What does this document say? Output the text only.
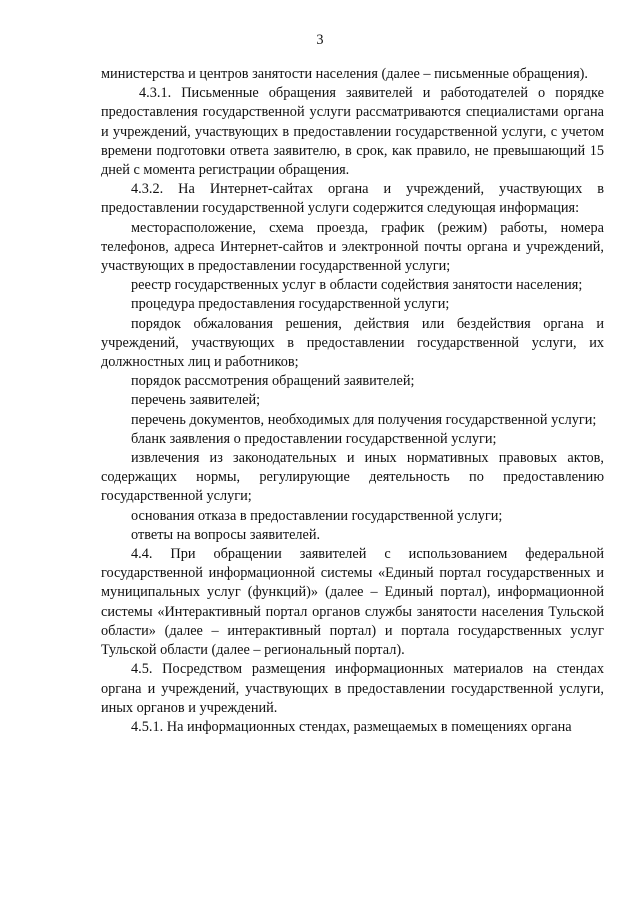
3

министерства и центров занятости населения (далее – письменные обращения).

4.3.1. Письменные обращения заявителей и работодателей о порядке предоставления государственной услуги рассматриваются специалистами органа и учреждений, участвующих в предоставлении государственной услуги, с учетом времени подготовки ответа заявителю, в срок, как правило, не превышающий 15 дней с момента регистрации обращения.

4.3.2. На Интернет-сайтах органа и учреждений, участвующих в предоставлении государственной услуги содержится следующая информация:

месторасположение, схема проезда, график (режим) работы, номера телефонов, адреса Интернет-сайтов и электронной почты органа и учреждений, участвующих в предоставлении государственной услуги;

реестр государственных услуг в области содействия занятости населения;

процедура предоставления государственной услуги;

порядок обжалования решения, действия или бездействия органа и учреждений, участвующих в предоставлении государственной услуги, их должностных лиц и работников;

порядок рассмотрения обращений заявителей;

перечень заявителей;

перечень документов, необходимых для получения государственной услуги;

бланк заявления о предоставлении государственной услуги;

извлечения из законодательных и иных нормативных правовых актов, содержащих нормы, регулирующие деятельность по предоставлению государственной услуги;

основания отказа в предоставлении государственной услуги;

ответы на вопросы заявителей.

4.4. При обращении заявителей с использованием федеральной государственной информационной системы «Единый портал государственных и муниципальных услуг (функций)» (далее – Единый портал), информационной системы «Интерактивный портал органов службы занятости населения Тульской области» (далее – интерактивный портал) и портала государственных услуг Тульской области (далее – региональный портал).

4.5. Посредством размещения информационных материалов на стендах органа и учреждений, участвующих в предоставлении государственной услуги, иных органов и учреждений.

4.5.1. На информационных стендах, размещаемых в помещениях органа
